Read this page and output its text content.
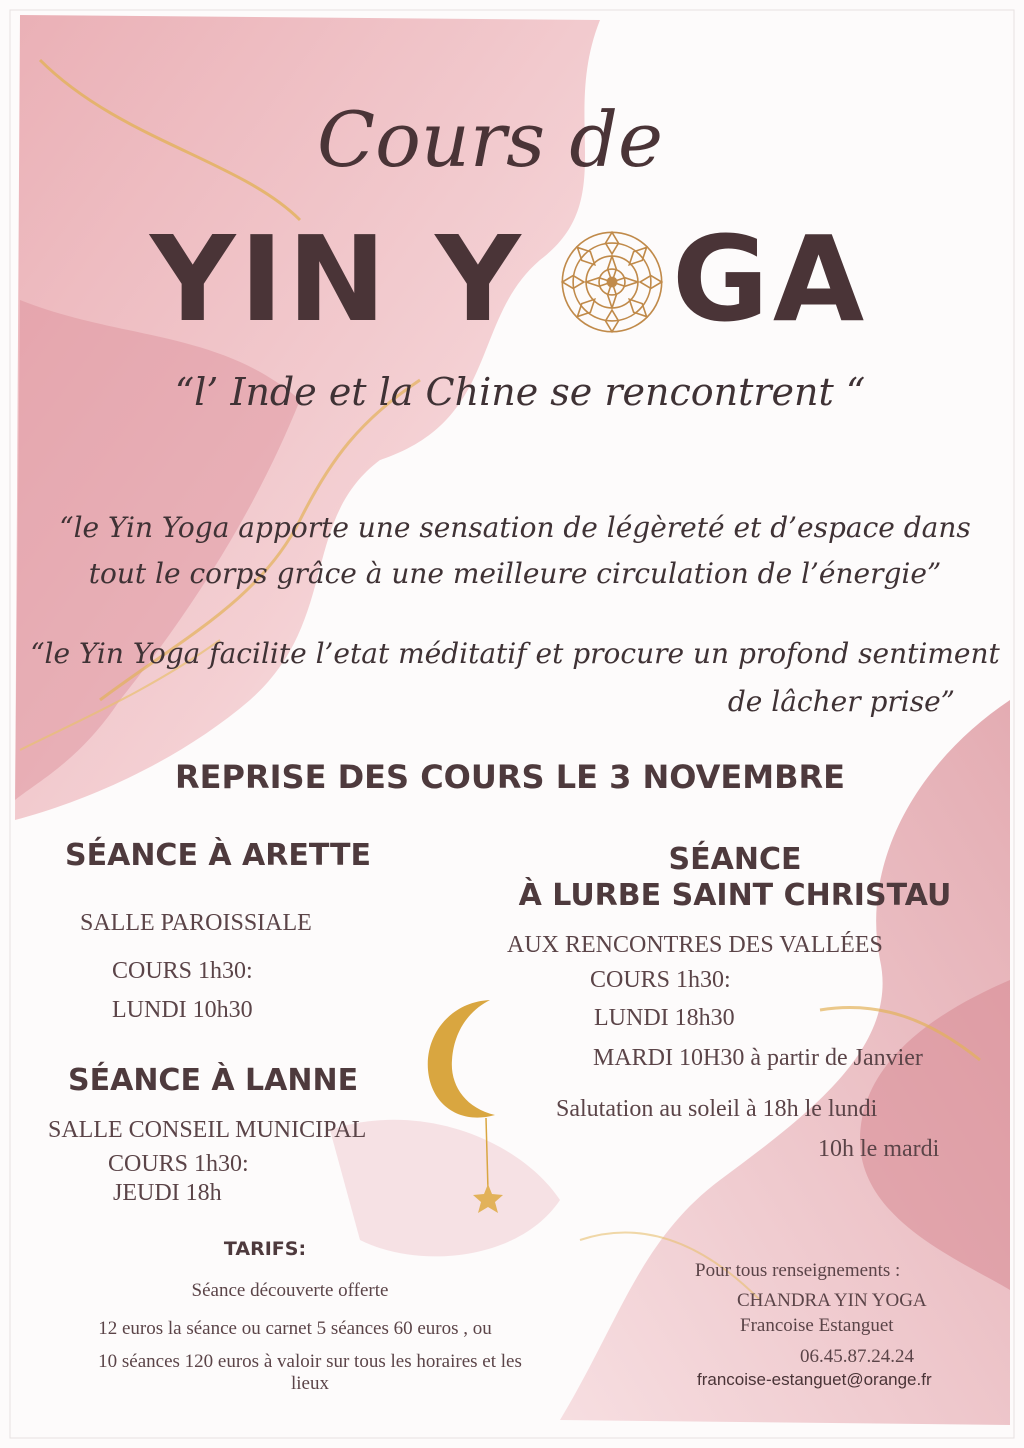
Cours de
YIN Y GA
“l’ Inde et la Chine se rencontrent “
“le Yin Yoga apporte une sensation de légèreté et d’espace dans
tout le corps grâce à une meilleure circulation de l’énergie”
“le Yin Yoga facilite l’etat méditatif et procure un profond sentiment
de lâcher prise”
REPRISE DES COURS LE 3 NOVEMBRE
SÉANCE À ARETTE
SALLE PAROISSIALE
COURS 1h30:
LUNDI 10h30
SÉANCE À LANNE
SALLE CONSEIL MUNICIPAL
COURS 1h30:
JEUDI 18h
SÉANCE
À LURBE SAINT CHRISTAU
AUX RENCONTRES DES VALLÉES
COURS 1h30:
LUNDI 18h30
MARDI 10H30 à partir de Janvier
Salutation au soleil à 18h le lundi
10h le mardi
TARIFS:
Séance découverte offerte
12 euros la séance ou carnet 5 séances 60 euros , ou
10 séances 120 euros à valoir sur tous les horaires et les
lieux
Pour tous renseignements :
CHANDRA YIN YOGA
Francoise Estanguet
06.45.87.24.24
francoise-estanguet@orange.fr
